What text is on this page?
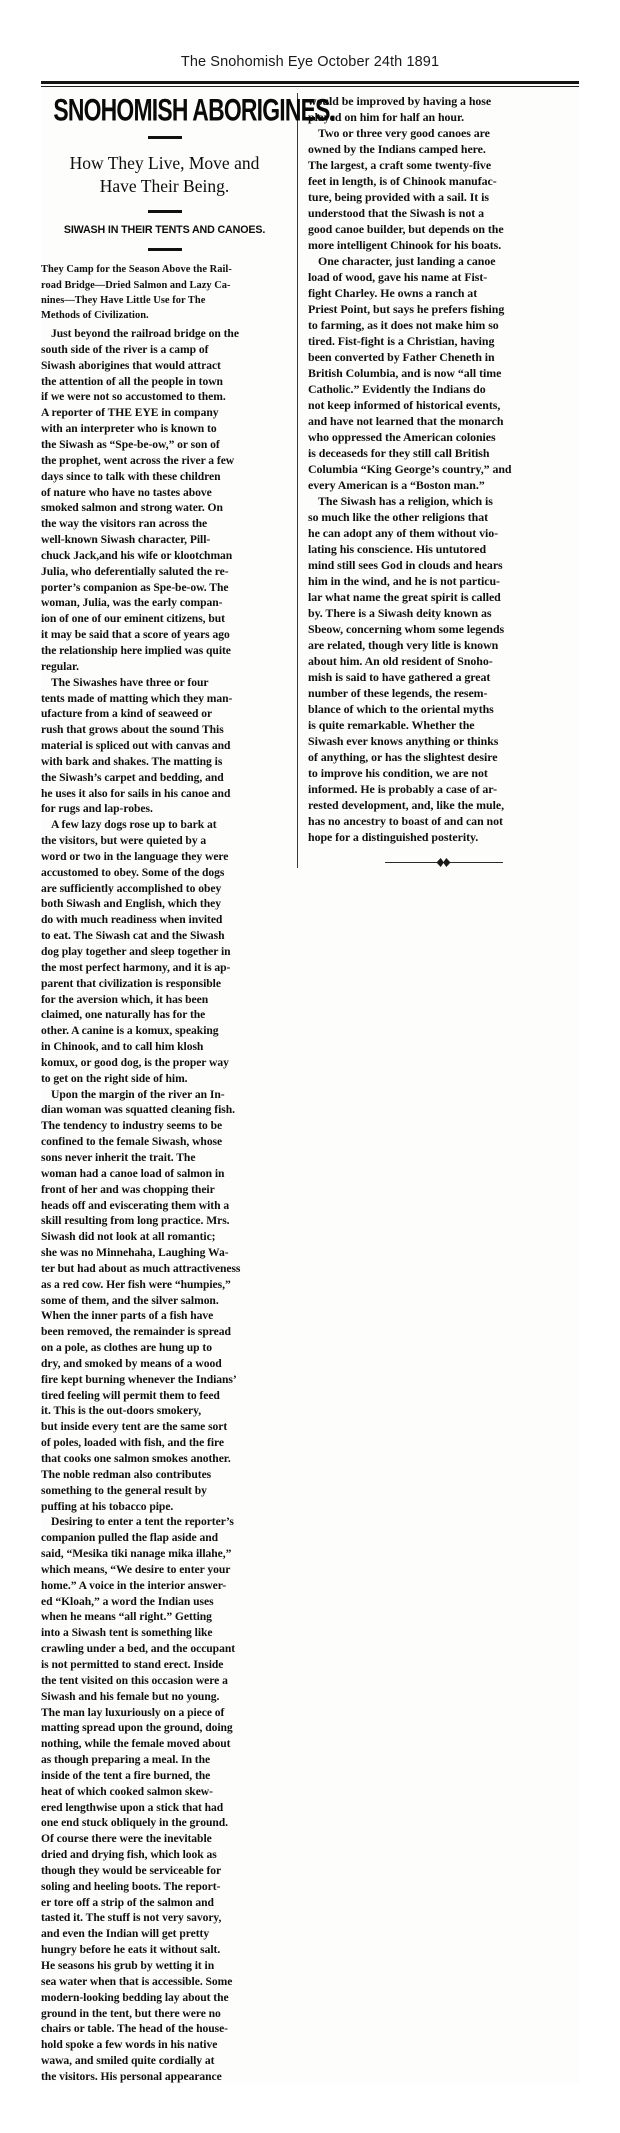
The Snohomish Eye October 24th 1891
SNOHOMISH ABORIGINES.
How They Live, Move and
Have Their Being.
SIWASH IN THEIR TENTS AND CANOES.
They Camp for the Season Above the Rail-
road Bridge—Dried Salmon and Lazy Ca-
nines—They Have Little Use for The
Methods of Civilization.

Just beyond the railroad bridge on the
south side of the river is a camp of
Siwash aborigines that would attract
the attention of all the people in town
if we were not so accustomed to them.
A reporter of THE EYE in company
with an interpreter who is known to
the Siwash as “Spe-be-ow,” or son of
the prophet, went across the river a few
days since to talk with these children
of nature who have no tastes above
smoked salmon and strong water. On
the way the visitors ran across the
well-known Siwash character, Pill-
chuck Jack,and his wife or klootchman
Julia, who deferentially saluted the re-
porter’s companion as Spe-be-ow. The
woman, Julia, was the early compan-
ion of one of our eminent citizens, but
it may be said that a score of years ago
the relationship here implied was quite
regular.

The Siwashes have three or four
tents made of matting which they man-
ufacture from a kind of seaweed or
rush that grows about the sound This
material is spliced out with canvas and
with bark and shakes. The matting is
the Siwash’s carpet and bedding, and
he uses it also for sails in his canoe and
for rugs and lap-robes.

A few lazy dogs rose up to bark at
the visitors, but were quieted by a
word or two in the language they were
accustomed to obey. Some of the dogs
are sufficiently accomplished to obey
both Siwash and English, which they
do with much readiness when invited
to eat. The Siwash cat and the Siwash
dog play together and sleep together in
the most perfect harmony, and it is ap-
parent that civilization is responsible
for the aversion which, it has been
claimed, one naturally has for the
other. A canine is a komux, speaking
in Chinook, and to call him klosh
komux, or good dog, is the proper way
to get on the right side of him.

Upon the margin of the river an In-
dian woman was squatted cleaning fish.
The tendency to industry seems to be
confined to the female Siwash, whose
sons never inherit the trait. The
woman had a canoe load of salmon in
front of her and was chopping their
heads off and eviscerating them with a
skill resulting from long practice. Mrs.
Siwash did not look at all romantic;
she was no Minnehaha, Laughing Wa-
ter but had about as much attractiveness
as a red cow. Her fish were “humpies,”
some of them, and the silver salmon.
When the inner parts of a fish have
been removed, the remainder is spread
on a pole, as clothes are hung up to
dry, and smoked by means of a wood
fire kept burning whenever the Indians’
tired feeling will permit them to feed
it. This is the out-doors smokery,
but inside every tent are the same sort
of poles, loaded with fish, and the fire
that cooks one salmon smokes another.
The noble redman also contributes
something to the general result by
puffing at his tobacco pipe.

Desiring to enter a tent the reporter’s
companion pulled the flap aside and
said, “Mesika tiki nanage mika illahe,”
which means, “We desire to enter your
home.” A voice in the interior answer-
ed “Kloah,” a word the Indian uses
when he means “all right.” Getting
into a Siwash tent is something like
crawling under a bed, and the occupant
is not permitted to stand erect. Inside
the tent visited on this occasion were a
Siwash and his female but no young.
The man lay luxuriously on a piece of
matting spread upon the ground, doing
nothing, while the female moved about
as though preparing a meal. In the
inside of the tent a fire burned, the
heat of which cooked salmon skew-
ered lengthwise upon a stick that had
one end stuck obliquely in the ground.
Of course there were the inevitable
dried and drying fish, which look as
though they would be serviceable for
soling and heeling boots. The report-
er tore off a strip of the salmon and
tasted it. The stuff is not very savory,
and even the Indian will get pretty
hungry before he eats it without salt.
He seasons his grub by wetting it in
sea water when that is accessible. Some
modern-looking bedding lay about the
ground in the tent, but there were no
chairs or table. The head of the house-
hold spoke a few words in his native
wawa, and smiled quite cordially at
the visitors. His personal appearance

would be improved by having a hose
played on him for half an hour.

Two or three very good canoes are
owned by the Indians camped here.
The largest, a craft some twenty-five
feet in length, is of Chinook manufac-
ture, being provided with a sail. It is
understood that the Siwash is not a
good canoe builder, but depends on the
more intelligent Chinook for his boats.

One character, just landing a canoe
load of wood, gave his name at Fist-
fight Charley. He owns a ranch at
Priest Point, but says he prefers fishing
to farming, as it does not make him so
tired. Fist-fight is a Christian, having
been converted by Father Cheneth in
British Columbia, and is now “all time
Catholic.” Evidently the Indians do
not keep informed of historical events,
and have not learned that the monarch
who oppressed the American colonies
is deceaseds for they still call British
Columbia “King George’s country,” and
every American is a “Boston man.”

The Siwash has a religion, which is
so much like the other religions that
he can adopt any of them without vio-
lating his conscience. His untutored
mind still sees God in clouds and hears
him in the wind, and he is not particu-
lar what name the great spirit is called
by. There is a Siwash deity known as
Sbeow, concerning whom some legends
are related, though very litle is known
about him. An old resident of Snoho-
mish is said to have gathered a great
number of these legends, the resem-
blance of which to the oriental myths
is quite remarkable. Whether the
Siwash ever knows anything or thinks
of anything, or has the slightest desire
to improve his condition, we are not
informed. He is probably a case of ar-
rested development, and, like the mule,
has no ancestry to boast of and can not
hope for a distinguished posterity.
